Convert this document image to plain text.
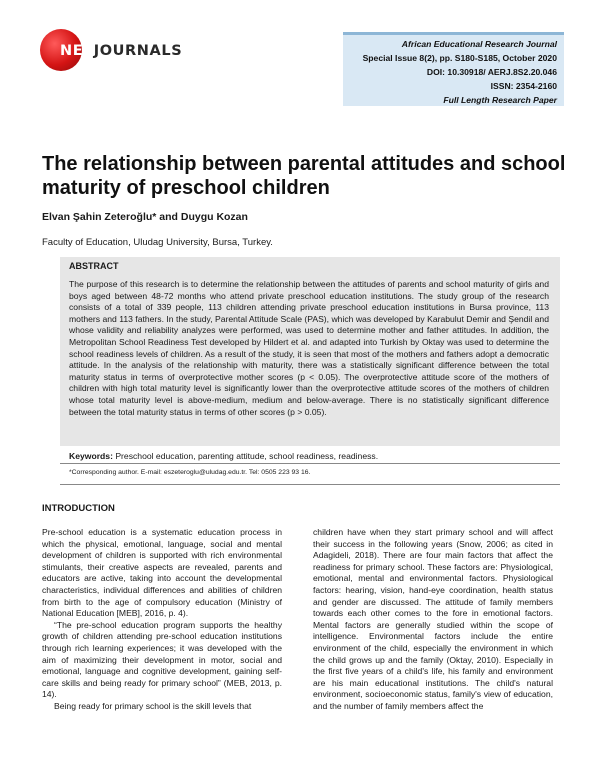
NETJOURNALS	African Educational Research Journal
Special Issue 8(2), pp. S180-S185, October 2020
DOI: 10.30918/ AERJ.8S2.20.046
ISSN: 2354-2160
Full Length Research Paper
The relationship between parental attitudes and school maturity of preschool children

Elvan Şahin Zeteroğlu* and Duygu Kozan

Faculty of Education, Uludag University, Bursa, Turkey.

ABSTRACT

The purpose of this research is to determine the relationship between the attitudes of parents and school maturity of girls and boys aged between 48-72 months who attend private preschool education institutions. The study group of the research consists of a total of 339 people, 113 children attending private preschool education institutions in Bursa province, 113 mothers and 113 fathers. In the study, Parental Attitude Scale (PAS), which was developed by Karabulut Demir and Şendil and whose validity and reliability analyzes were performed, was used to determine mother and father attitudes. In addition, the Metropolitan School Readiness Test developed by Hildert et al. and adapted into Turkish by Oktay was used to determine the school readiness levels of children. As a result of the study, it is seen that most of the mothers and fathers adopt a democratic attitude. In the analysis of the relationship with maturity, there was a statistically significant difference between the total maturity status in terms of overprotective mother scores (p < 0.05). The overprotective attitude score of the mothers of children with high total maturity level is significantly lower than the overprotective attitude scores of the mothers of children whose total maturity level is above-medium, medium and below-average. There is no statistically significant difference between the total maturity status in terms of other scores (p > 0.05).

Keywords: Preschool education, parenting attitude, school readiness, readiness.

*Corresponding author. E-mail: eszeteroglu@uludag.edu.tr. Tel: 0505 223 93 16.

INTRODUCTION

Pre-school education is a systematic education process in which the physical, emotional, language, social and mental development of children is supported with rich environmental stimulants, their creative aspects are revealed, parents and educators are active, taking into account the developmental characteristics, individual differences and abilities of children from birth to the age of compulsory education (Ministry of National Education [MEB], 2016, p. 4).

“The pre-school education program supports the healthy growth of children attending pre-school education institutions through rich learning experiences; it was developed with the aim of maximizing their development in motor, social and emotional, language and cognitive development, gaining self-care skills and being ready for primary school” (MEB, 2013, p. 14).

Being ready for primary school is the skill levels that

children have when they start primary school and will affect their success in the following years (Snow, 2006; as cited in Adagideli, 2018). There are four main factors that affect the readiness for primary school. These factors are: Physiological, emotional, mental and environmental factors. Physiological factors: hearing, vision, hand-eye coordination, health status and gender are discussed. The attitude of family members towards each other comes to the fore in emotional factors. Mental factors are generally studied within the scope of intelligence. Environmental factors include the entire environment of the child, especially the environment in which the child grows up and the family (Oktay, 2010). Especially in the first five years of a child's life, his family and environment are his main educational institutions. The child's natural environment, socioeconomic status, family's view of education, and the number of family members affect the
